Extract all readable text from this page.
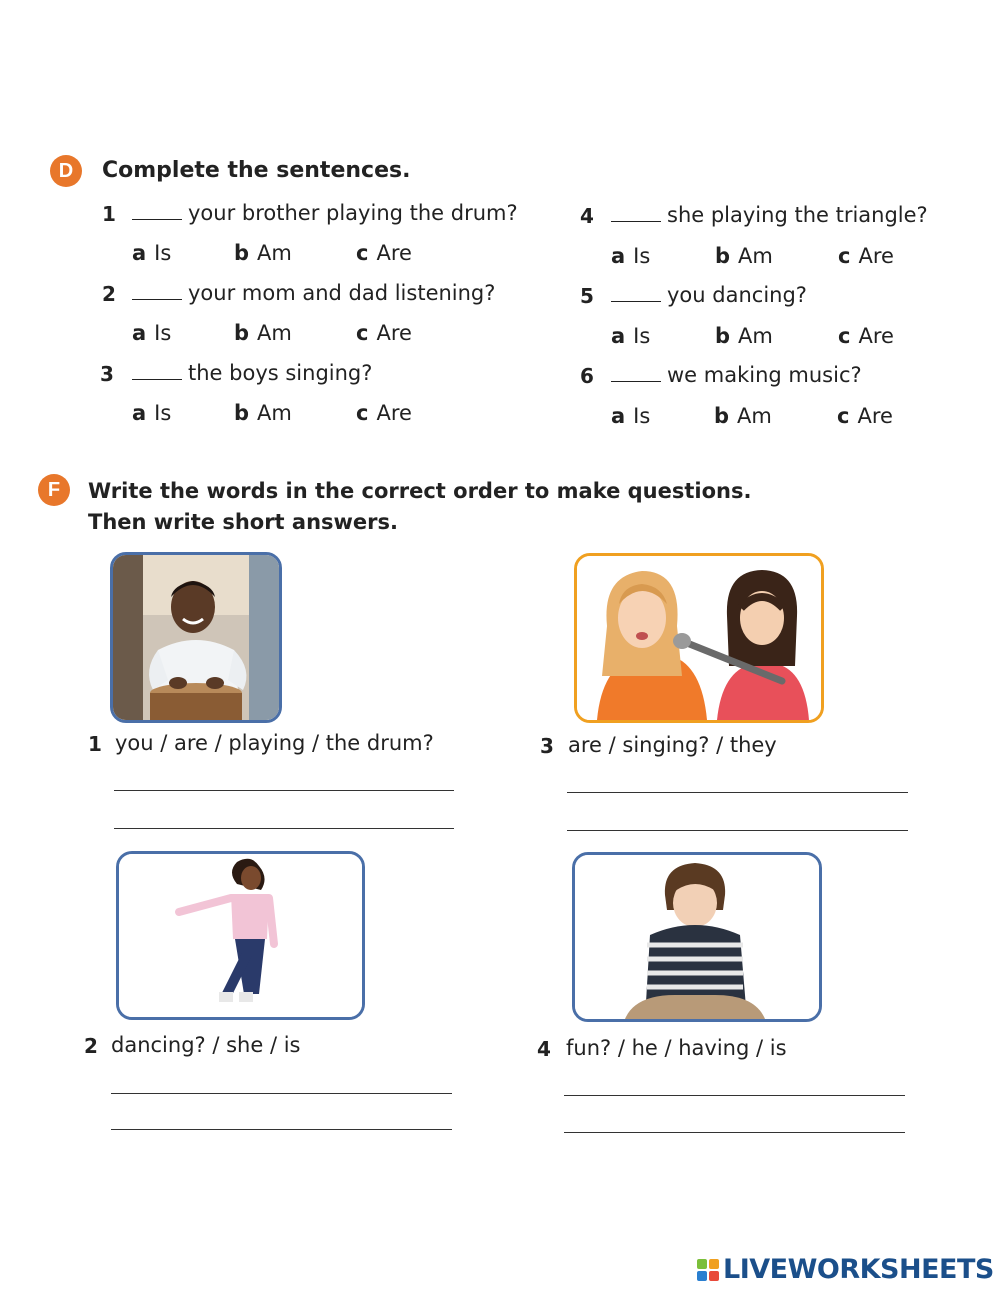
D	Complete the sentences.
1	your brother playing the drum?
a Is	b Am	c Are
2	your mom and dad listening?
a Is	b Am	c Are
3	the boys singing?
a Is	b Am	c Are
4	she playing the triangle?
a Is	b Am	c Are
5	you dancing?
a Is	b Am	c Are
6	we making music?
a Is	b Am	c Are
F	Write the words in the correct order to make questions.
Then write short answers.
1 you / are / playing / the drum?	3 are / singing? / they
2 dancing? / she / is	4 fun? / he / having / is
LIVEWORKSHEETS
